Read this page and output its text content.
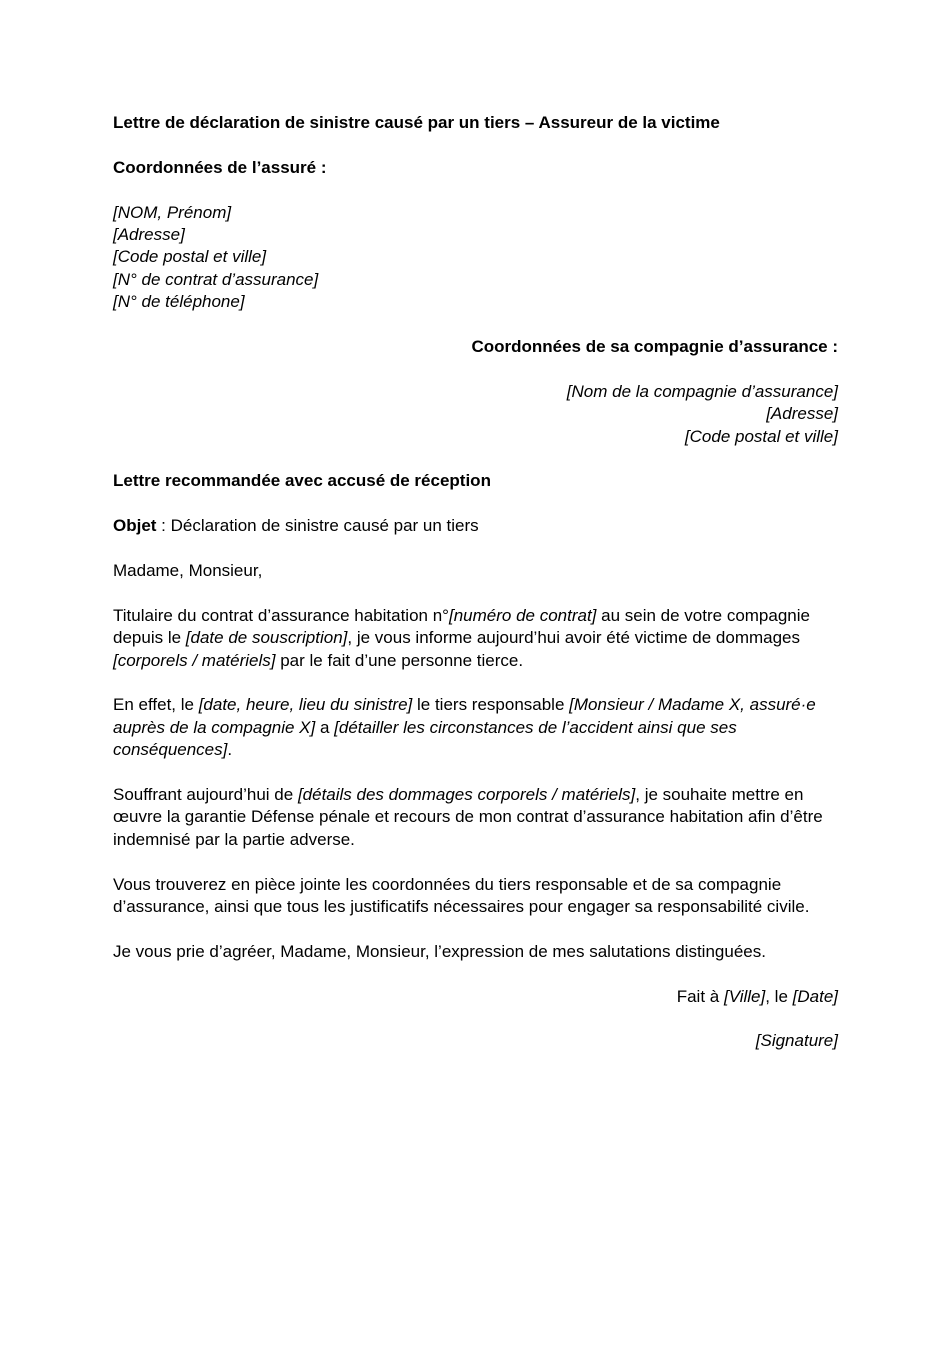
Lettre de déclaration de sinistre causé par un tiers – Assureur de la victime

Coordonnées de l’assuré :

[NOM, Prénom]
[Adresse]
[Code postal et ville]
[N° de contrat d’assurance]
[N° de téléphone]

Coordonnées de sa compagnie d’assurance :

[Nom de la compagnie d’assurance]
[Adresse]
[Code postal et ville]

Lettre recommandée avec accusé de réception

Objet : Déclaration de sinistre causé par un tiers

Madame, Monsieur,

Titulaire du contrat d’assurance habitation n°[numéro de contrat] au sein de votre compagnie depuis le [date de souscription], je vous informe aujourd’hui avoir été victime de dommages [corporels / matériels] par le fait d’une personne tierce.

En effet, le [date, heure, lieu du sinistre] le tiers responsable [Monsieur / Madame X, assuré·e auprès de la compagnie X] a [détailler les circonstances de l’accident ainsi que ses conséquences].

Souffrant aujourd’hui de [détails des dommages corporels / matériels], je souhaite mettre en œuvre la garantie Défense pénale et recours de mon contrat d’assurance habitation afin d’être indemnisé par la partie adverse.

Vous trouverez en pièce jointe les coordonnées du tiers responsable et de sa compagnie d’assurance, ainsi que tous les justificatifs nécessaires pour engager sa responsabilité civile.

Je vous prie d’agréer, Madame, Monsieur, l’expression de mes salutations distinguées.

Fait à [Ville], le [Date]

[Signature]
